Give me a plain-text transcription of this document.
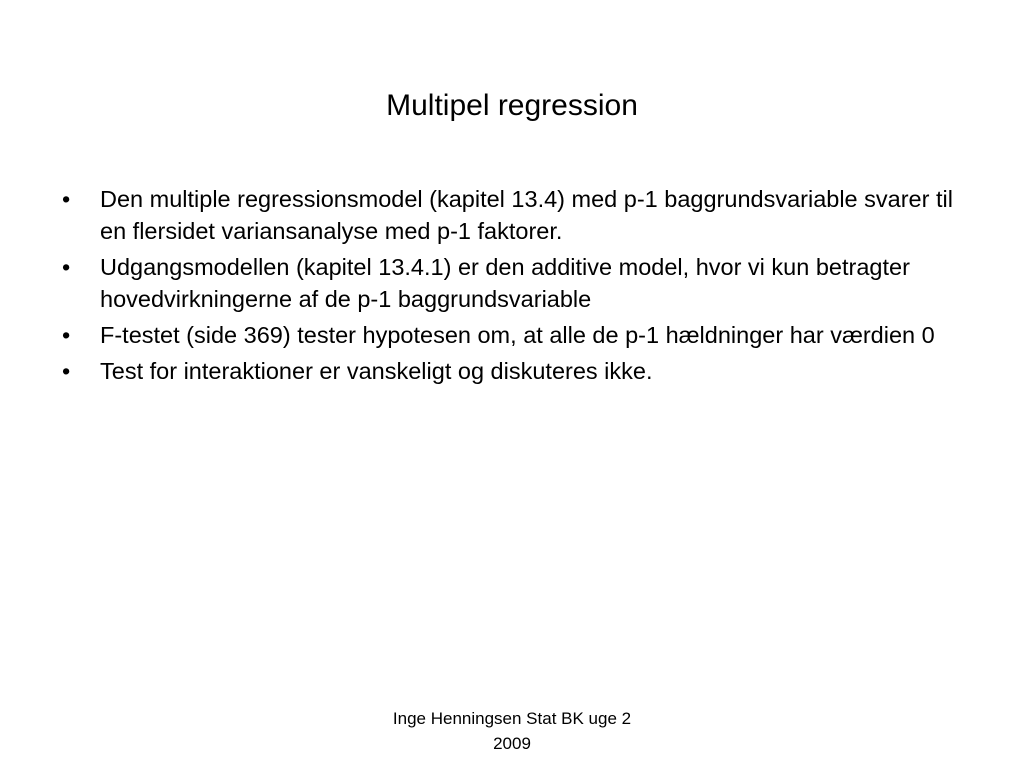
Multipel regression
•	Den multiple regressionsmodel (kapitel 13.4) med p-1 baggrundsvariable svarer til en flersidet variansanalyse med p-1 faktorer.
•	Udgangsmodellen (kapitel 13.4.1) er den additive model, hvor vi kun betragter hovedvirkningerne af de p-1 baggrundsvariable
•	F-testet (side 369) tester hypotesen om, at alle de p-1 hældninger har værdien 0
•	Test for interaktioner er vanskeligt og diskuteres ikke.
Inge Henningsen Stat BK uge 2
2009
